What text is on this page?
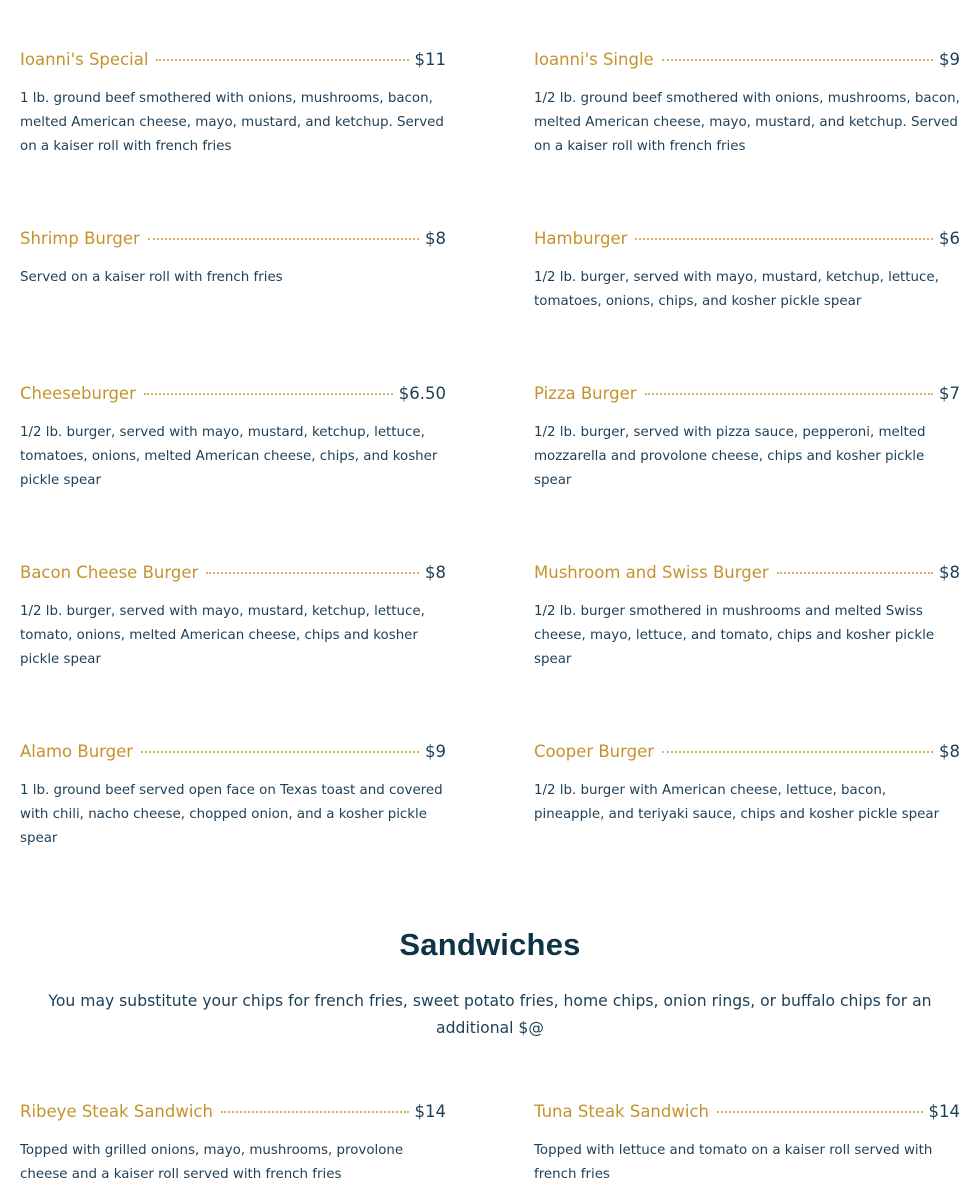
Ioanni's Special	$11
1 lb. ground beef smothered with onions, mushrooms, bacon, melted American cheese, mayo, mustard, and ketchup. Served on a kaiser roll with french fries
Ioanni's Single	$9
1/2 lb. ground beef smothered with onions, mushrooms, bacon, melted American cheese, mayo, mustard, and ketchup. Served on a kaiser roll with french fries
Shrimp Burger	$8
Served on a kaiser roll with french fries
Hamburger	$6
1/2 lb. burger, served with mayo, mustard, ketchup, lettuce, tomatoes, onions, chips, and kosher pickle spear
Cheeseburger	$6.50
1/2 lb. burger, served with mayo, mustard, ketchup, lettuce, tomatoes, onions, melted American cheese, chips, and kosher pickle spear
Pizza Burger	$7
1/2 lb. burger, served with pizza sauce, pepperoni, melted mozzarella and provolone cheese, chips and kosher pickle spear
Bacon Cheese Burger	$8
1/2 lb. burger, served with mayo, mustard, ketchup, lettuce, tomato, onions, melted American cheese, chips and kosher pickle spear
Mushroom and Swiss Burger	$8
1/2 lb. burger smothered in mushrooms and melted Swiss cheese, mayo, lettuce, and tomato, chips and kosher pickle spear
Alamo Burger	$9
1 lb. ground beef served open face on Texas toast and covered with chili, nacho cheese, chopped onion, and a kosher pickle spear
Cooper Burger	$8
1/2 lb. burger with American cheese, lettuce, bacon, pineapple, and teriyaki sauce, chips and kosher pickle spear
Sandwiches
You may substitute your chips for french fries, sweet potato fries, home chips, onion rings, or buffalo chips for an additional $@
Ribeye Steak Sandwich	$14
Topped with grilled onions, mayo, mushrooms, provolone cheese and a kaiser roll served with french fries
Tuna Steak Sandwich	$14
Topped with lettuce and tomato on a kaiser roll served with french fries
